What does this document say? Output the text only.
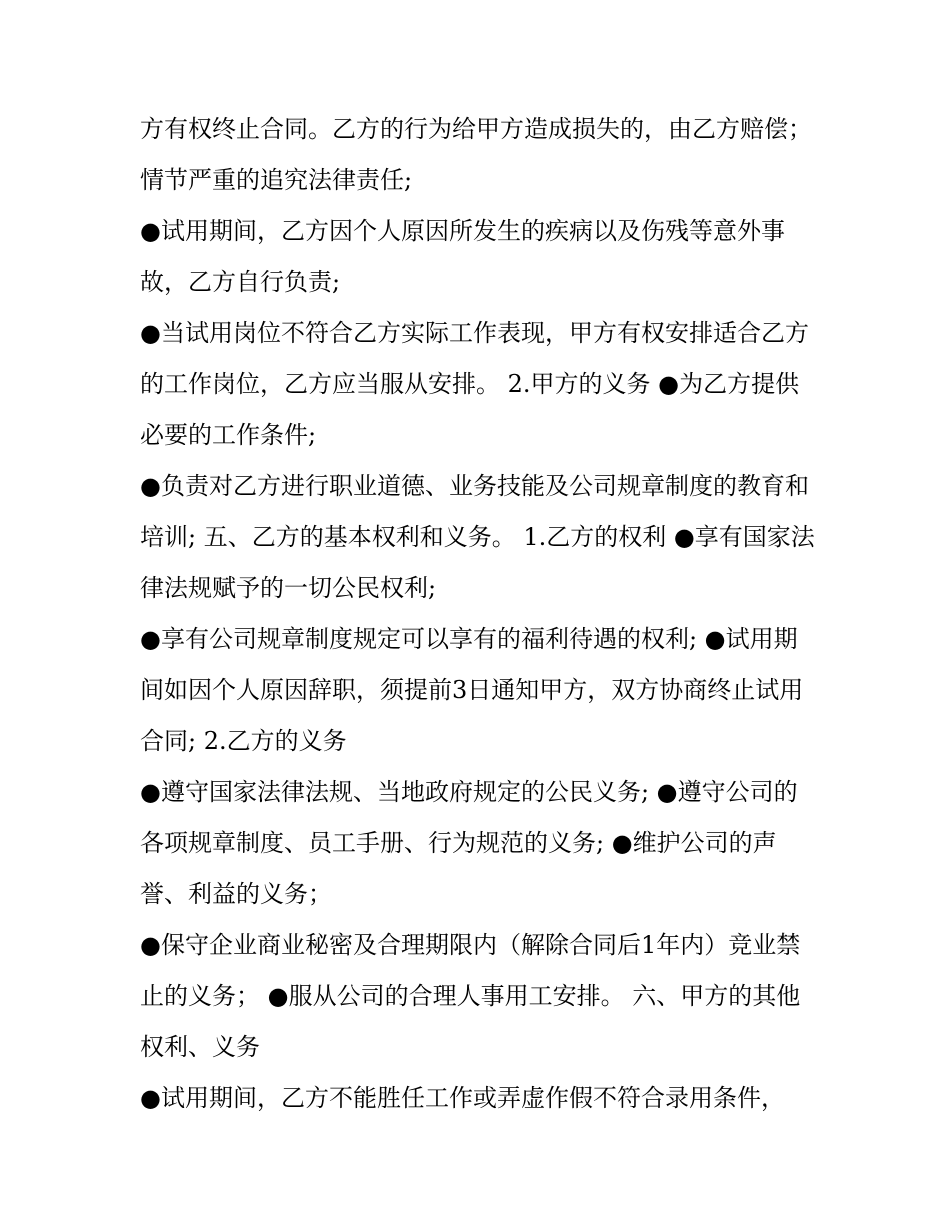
方有权终止合同。乙方的行为给甲方造成损失的，由乙方赔偿；情节严重的追究法律责任;

●试用期间，乙方因个人原因所发生的疾病以及伤残等意外事故，乙方自行负责;

●当试用岗位不符合乙方实际工作表现，甲方有权安排适合乙方的工作岗位，乙方应当服从安排。 2.甲方的义务 ●为乙方提供必要的工作条件;

●负责对乙方进行职业道德、业务技能及公司规章制度的教育和培训; 五、乙方的基本权利和义务。 1.乙方的权利 ●享有国家法律法规赋予的一切公民权利;

●享有公司规章制度规定可以享有的福利待遇的权利; ●试用期间如因个人原因辞职，须提前3日通知甲方，双方协商终止试用合同; 2.乙方的义务

●遵守国家法律法规、当地政府规定的公民义务; ●遵守公司的各项规章制度、员工手册、行为规范的义务; ●维护公司的声誉、利益的义务；

●保守企业商业秘密及合理期限内（解除合同后1年内）竞业禁止的义务； ●服从公司的合理人事用工安排。 六、甲方的其他权利、义务

●试用期间，乙方不能胜任工作或弄虚作假不符合录用条件，
